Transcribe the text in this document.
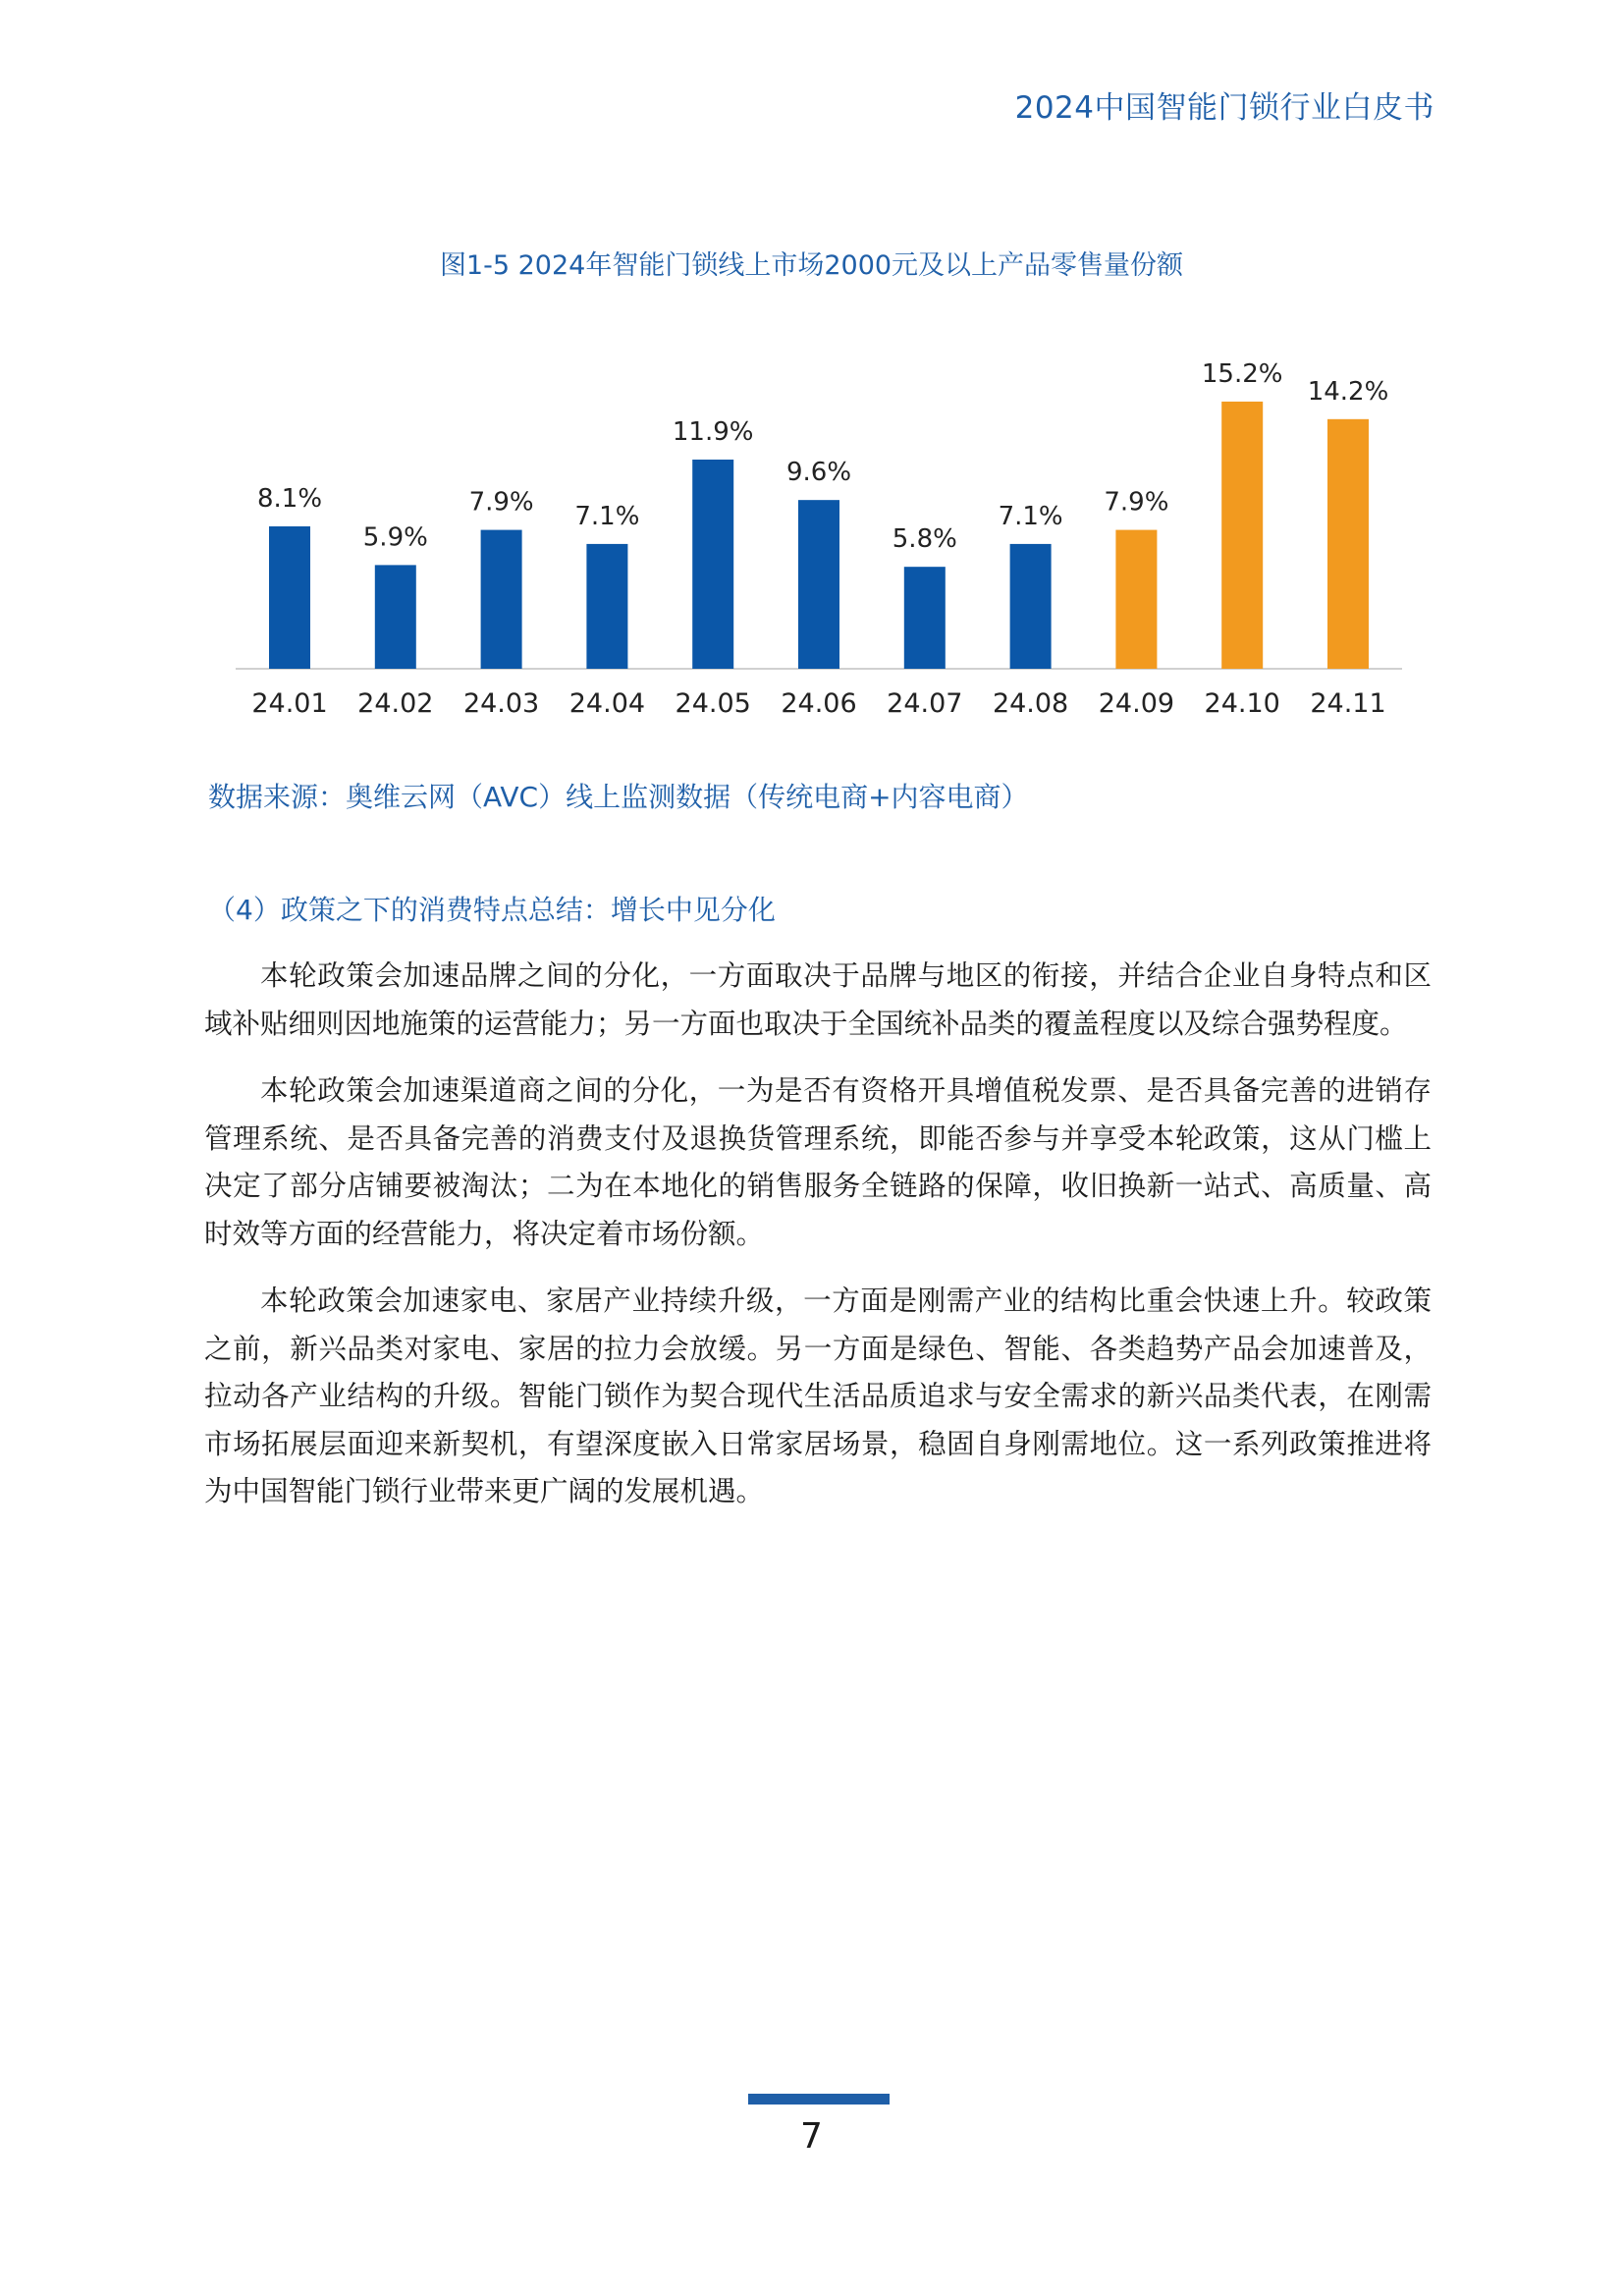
2024中国智能门锁行业白皮书
图1-5 2024年智能门锁线上市场2000元及以上产品零售量份额
8.1%
5.9%
7.9% 7.1%
11.9%
9.6%
5.8%
7.1% 7.9%
15.2%
14.2%
24.01 24.02 24.03 24.04 24.05 24.06 24.07 24.08 24.09 24.10 24.11
数据来源：奥维云网（AVC）线上监测数据（传统电商+内容电商）
（4）政策之下的消费特点总结：增长中见分化

本轮政策会加速品牌之间的分化，一方面取决于品牌与地区的衔接，并结合企业自身特点和区域补贴细则因地施策的运营能力；另一方面也取决于全国统补品类的覆盖程度以及综合强势程度。

本轮政策会加速渠道商之间的分化，一为是否有资格开具增值税发票、是否具备完善的进销存管理系统、是否具备完善的消费支付及退换货管理系统，即能否参与并享受本轮政策，这从门槛上决定了部分店铺要被淘汰；二为在本地化的销售服务全链路的保障，收旧换新一站式、高质量、高时效等方面的经营能力，将决定着市场份额。

本轮政策会加速家电、家居产业持续升级，一方面是刚需产业的结构比重会快速上升。较政策之前，新兴品类对家电、家居的拉力会放缓。另一方面是绿色、智能、各类趋势产品会加速普及，拉动各产业结构的升级。智能门锁作为契合现代生活品质追求与安全需求的新兴品类代表，在刚需市场拓展层面迎来新契机，有望深度嵌入日常家居场景，稳固自身刚需地位。这一系列政策推进将为中国智能门锁行业带来更广阔的发展机遇。

7
